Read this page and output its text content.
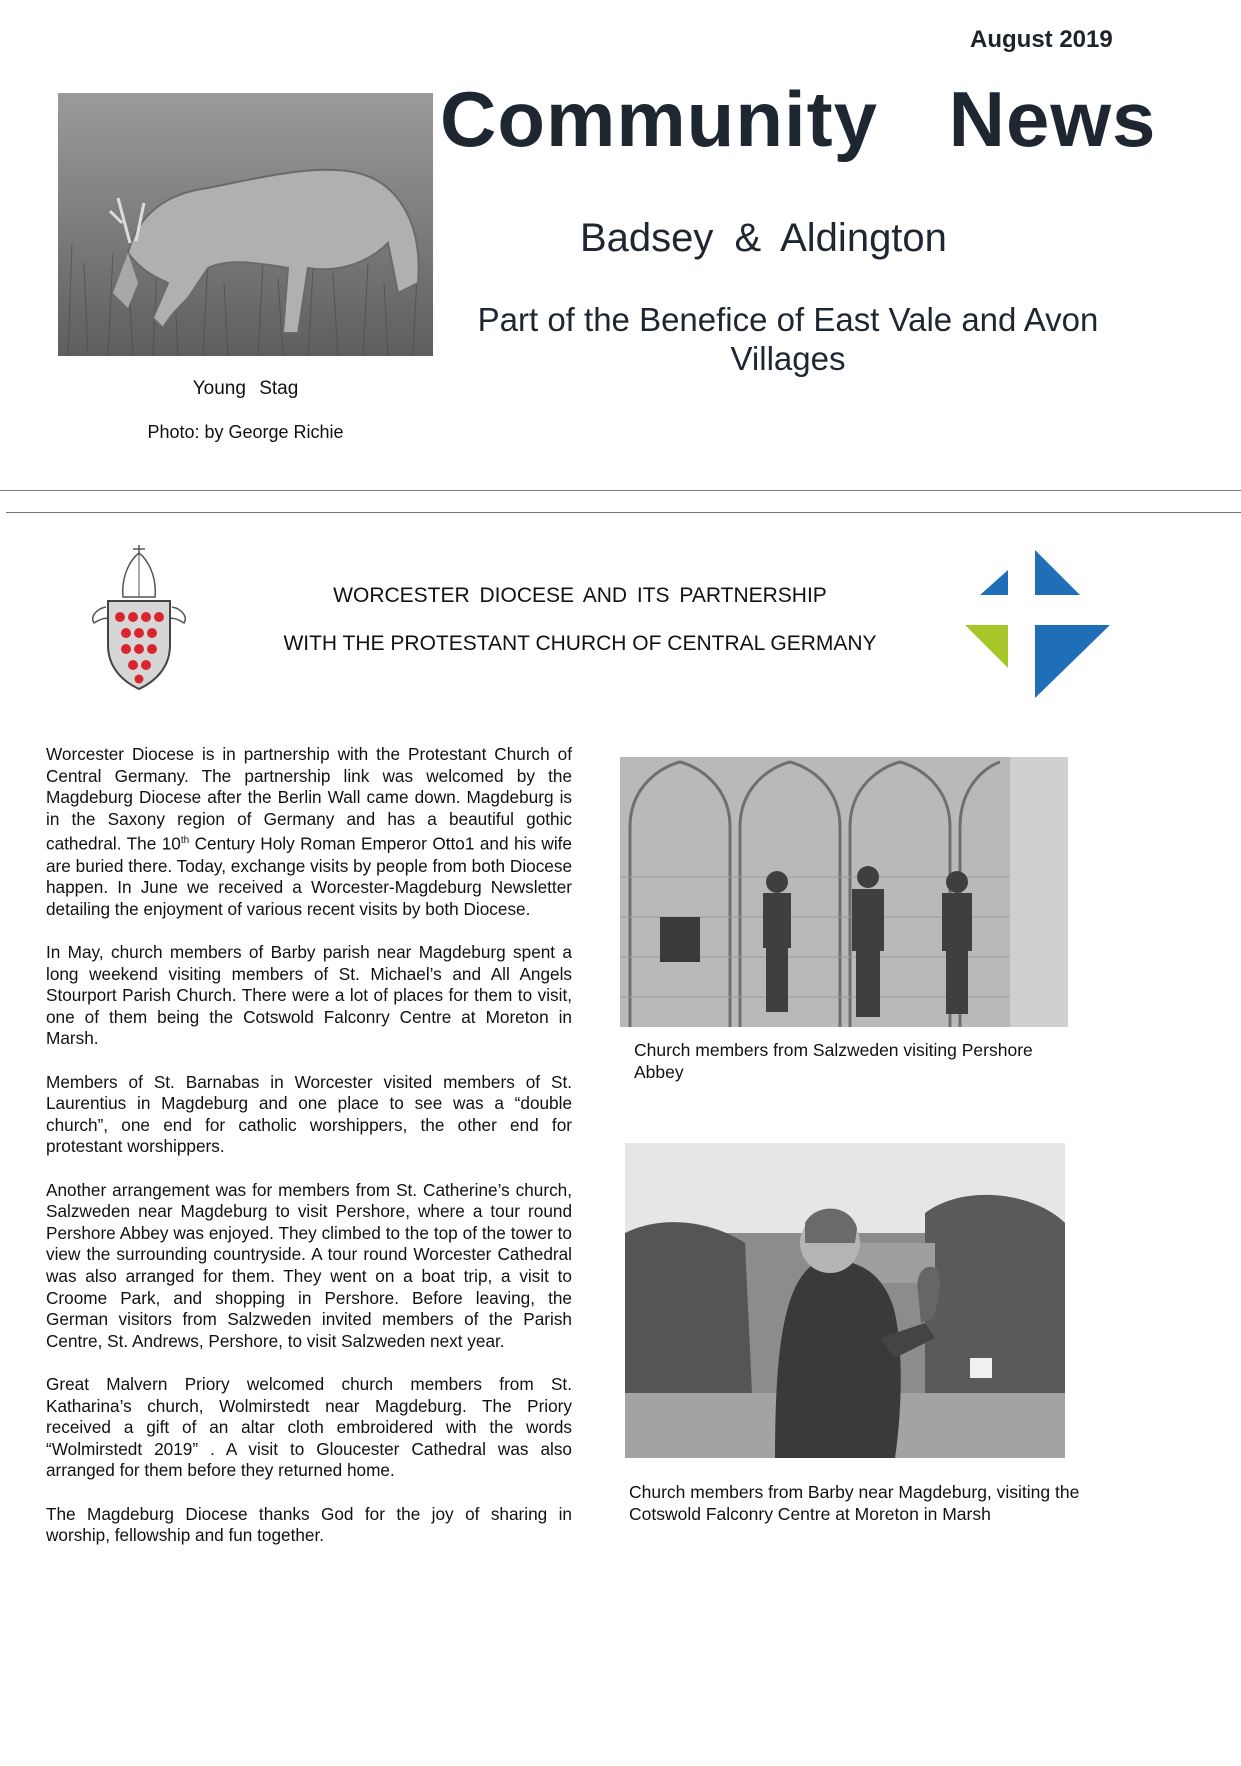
August 2019
Community News
Badsey & Aldington
Part of the Benefice of East Vale and Avon Villages
Young Stag
Photo: by George Richie
WORCESTER DIOCESE AND ITS PARTNERSHIP
WITH THE PROTESTANT CHURCH OF CENTRAL GERMANY

Worcester Diocese is in partnership with the Protestant Church of Central Germany. The partnership link was welcomed by the Magdeburg Diocese after the Berlin Wall came down. Magdeburg is in the Saxony region of Germany and has a beautiful gothic cathedral. The 10th Century Holy Roman Emperor Otto1 and his wife are buried there. Today, exchange visits by people from both Diocese happen. In June we received a Worcester-Magdeburg Newsletter detailing the enjoyment of various recent visits by both Diocese.

In May, church members of Barby parish near Magdeburg spent a long weekend visiting members of St. Michael’s and All Angels Stourport Parish Church. There were a lot of places for them to visit, one of them being the Cotswold Falconry Centre at Moreton in Marsh.

Members of St. Barnabas in Worcester visited members of St. Laurentius in Magdeburg and one place to see was a “double church”, one end for catholic worshippers, the other end for protestant worshippers.

Another arrangement was for members from St. Catherine’s church, Salzweden near Magdeburg to visit Pershore, where a tour round Pershore Abbey was enjoyed. They climbed to the top of the tower to view the surrounding countryside. A tour round Worcester Cathedral was also arranged for them. They went on a boat trip, a visit to Croome Park, and shopping in Pershore. Before leaving, the German visitors from Salzweden invited members of the Parish Centre, St. Andrews, Pershore, to visit Salzweden next year.

Great Malvern Priory welcomed church members from St. Katharina’s church, Wolmirstedt near Magdeburg. The Priory received a gift of an altar cloth embroidered with the words “Wolmirstedt 2019” . A visit to Gloucester Cathedral was also arranged for them before they returned home.

The Magdeburg Diocese thanks God for the joy of sharing in worship, fellowship and fun together.

Church members from Salzweden visiting Pershore Abbey
Church members from Barby near Magdeburg, visiting the Cotswold Falconry Centre at Moreton in Marsh
